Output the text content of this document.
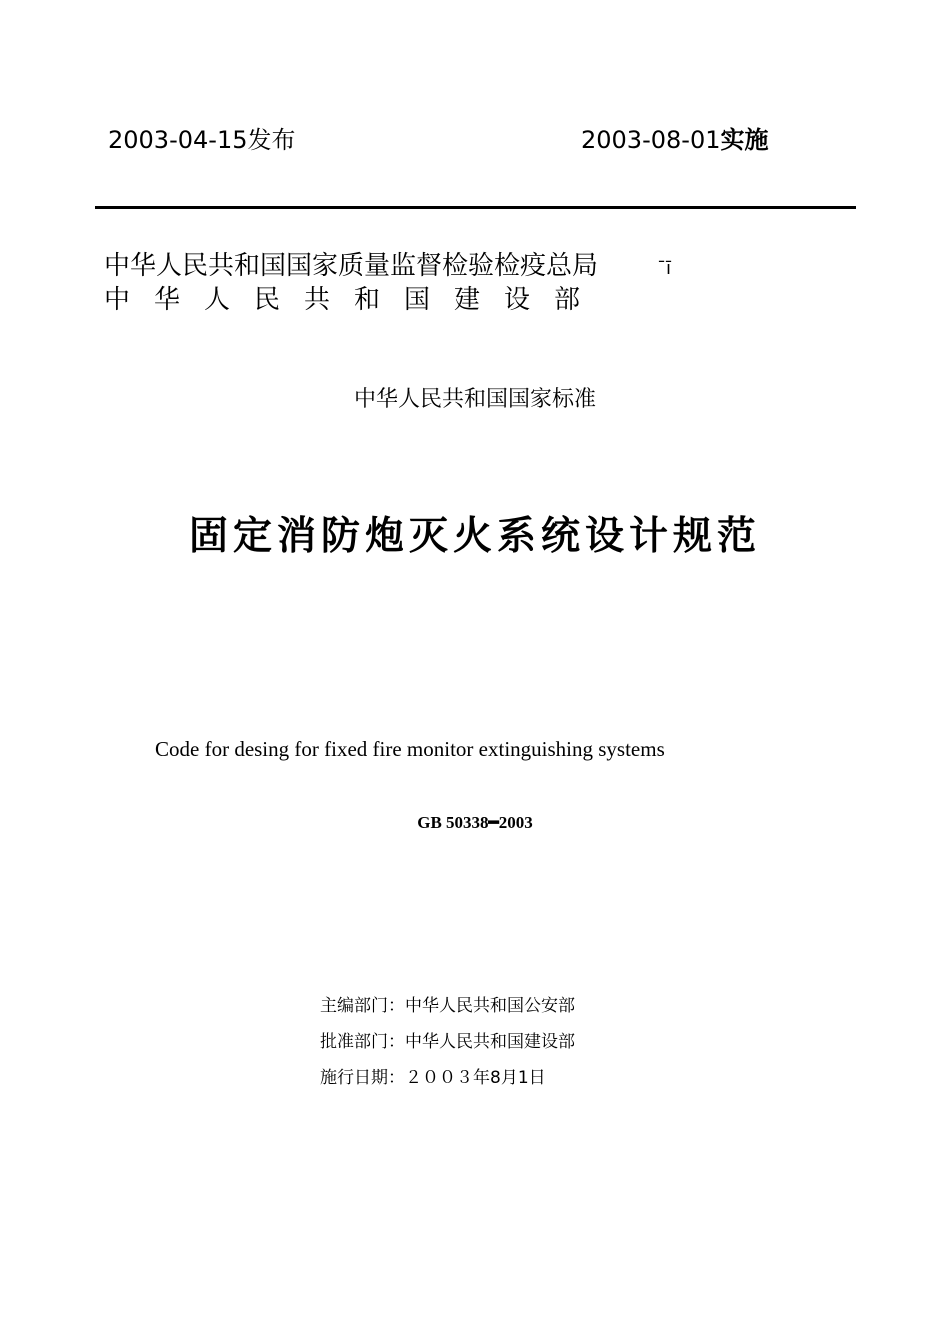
2003-04-15发布	2003-08-01实施
中华人民共和国国家质量监督检验检疫总局	̄ī
中华人民共和国建设部
中华人民共和国国家标准
固定消防炮灭火系统设计规范
Code for desing for fixed fire monitor extinguishing systems
GB 50338━2003
主编部门：中华人民共和国公安部
批准部门：中华人民共和国建设部
施行日期：２００３年8月1日
